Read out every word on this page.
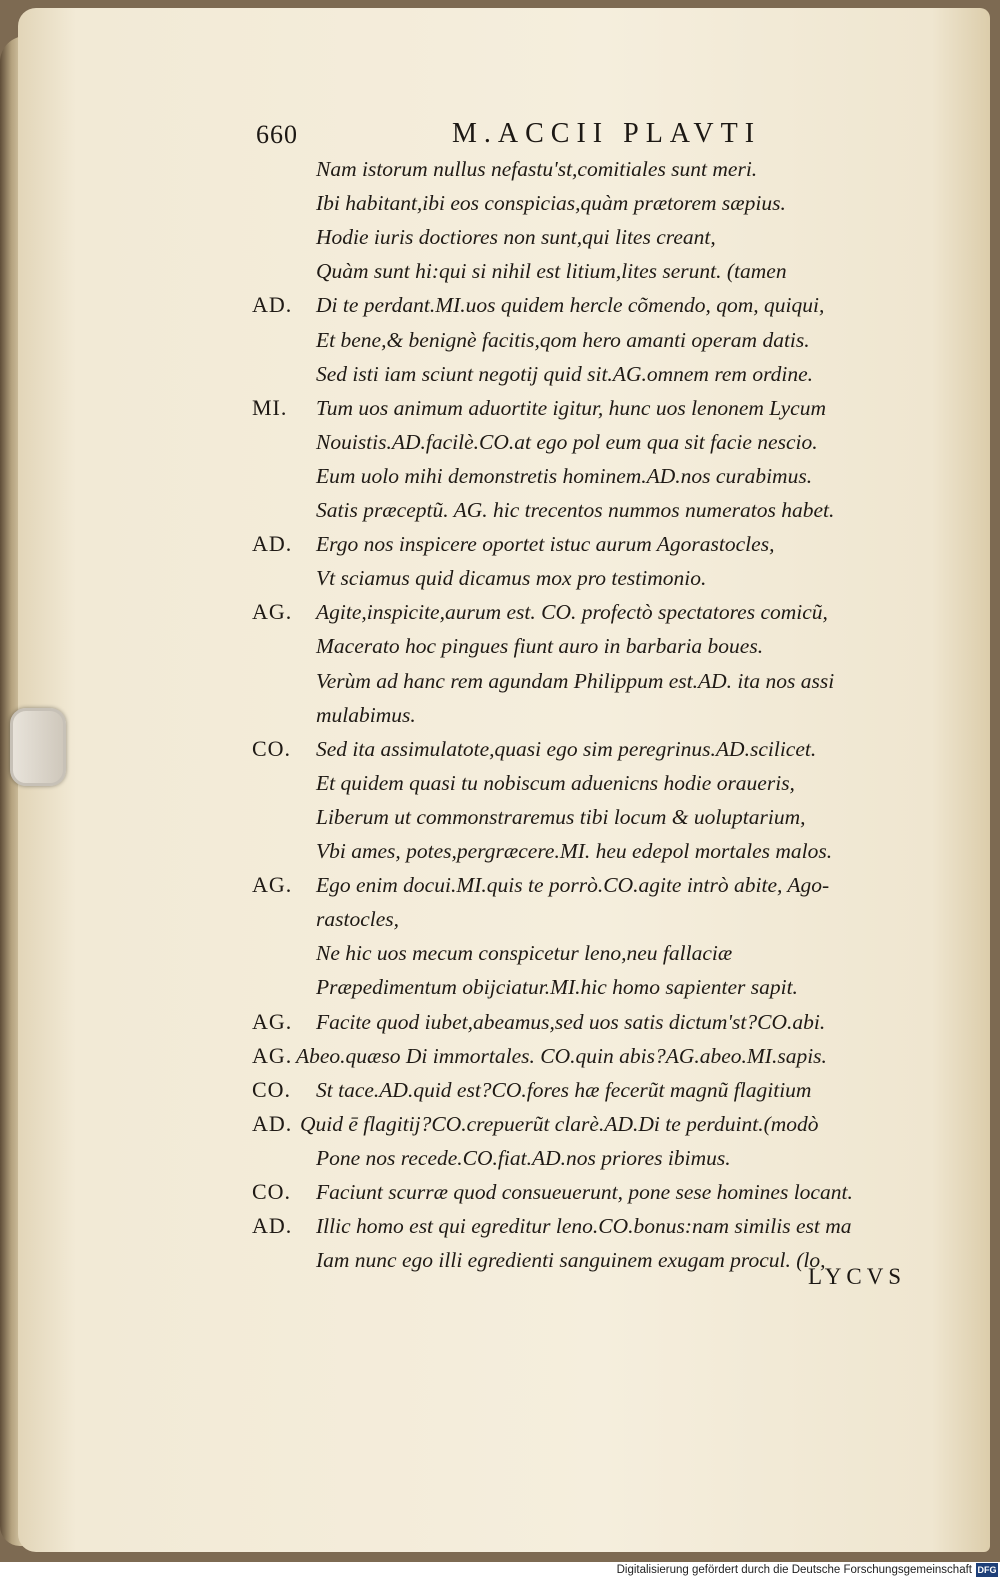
660	M.ACCII PLAVTI
Nam istorum nullus nefastu'st,comitiales sunt meri.
Ibi habitant,ibi eos conspicias,quàm prætorem sæpius.
Hodie iuris doctiores non sunt,qui lites creant,
Quàm sunt hi:qui si nihil est litium,lites serunt. (tamen
AD. Di te perdant.MI.uos quidem hercle cõmendo, qom, quiqui,
Et bene,& benignè facitis,qom hero amanti operam datis.
Sed isti iam sciunt negotij quid sit.AG.omnem rem ordine.
MI. Tum uos animum aduortite igitur, hunc uos lenonem Lycum
Nouistis.AD.facilè.CO.at ego pol eum qua sit facie nescio.
Eum uolo mihi demonstretis hominem.AD.nos curabimus.
Satis præceptũ. AG. hic trecentos nummos numeratos habet.
AD. Ergo nos inspicere oportet istuc aurum Agorastocles,
Vt sciamus quid dicamus mox pro testimonio.
AG. Agite,inspicite,aurum est. CO. profectò spectatores comicũ,
Macerato hoc pingues fiunt auro in barbaria boues.
Verùm ad hanc rem agundam Philippum est.AD. ita nos assi
mulabimus.
CO. Sed ita assimulatote,quasi ego sim peregrinus.AD.scilicet.
Et quidem quasi tu nobiscum aduenicns hodie oraueris,
Liberum ut commonstraremus tibi locum & uoluptarium,
Vbi ames, potes,pergræcere.MI. heu edepol mortales malos.
AG. Ego enim docui.MI.quis te porrò.CO.agite intrò abite, Ago-
rastocles,
Ne hic uos mecum conspicetur leno,neu fallaciæ
Præpedimentum obijciatur.MI.hic homo sapienter sapit.
AG. Facite quod iubet,abeamus,sed uos satis dictum'st?CO.abi.
AG. Abeo.quæso Di immortales. CO.quin abis?AG.abeo.MI.sapis.
CO. St tace.AD.quid est?CO.fores hæ fecerũt magnũ flagitium
AD. Quid ē flagitij?CO.crepuerũt clarè.AD.Di te perduint.(modò
Pone nos recede.CO.fiat.AD.nos priores ibimus.
CO. Faciunt scurræ quod consueuerunt, pone sese homines locant.
AD. Illic homo est qui egreditur leno.CO.bonus:nam similis est ma
Iam nunc ego illi egredienti sanguinem exugam procul. (lo,
LYCVS
Digitalisierung gefördert durch die Deutsche Forschungsgemeinschaft DFG
